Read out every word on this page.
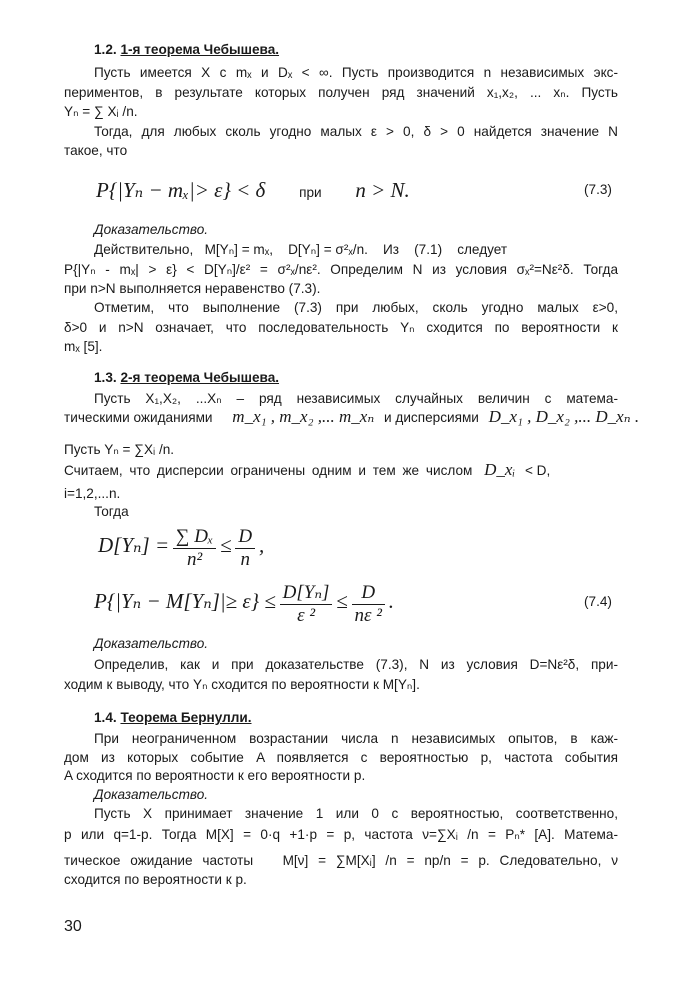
1.2. 1-я теорема Чебышева.
Пусть имеется X с mₓ и Dₓ < ∞. Пусть производится n независимых экс-
периментов, в результате которых получен ряд значений x₁,x₂, ... xₙ. Пусть
Yₙ = ∑ Xᵢ /n.
Тогда, для любых сколь угодно малых ε > 0, δ > 0 найдется значение N
такое, что
P{|Yₙ − mₓ|> ε} < δ при n > N.	(7.3)
Доказательство.
Действительно,   M[Yₙ] = mₓ,    D[Yₙ] = σ²ₓ/n.    Из    (7.1)    следует
P{|Yₙ - mₓ| > ε} < D[Yₙ]/ε² = σ²ₓ/nε². Определим N из условия σₓ²=Nε²δ. Тогда
при n>N выполняется неравенство (7.3).
Отметим, что выполнение (7.3) при любых, сколь угодно малых ε>0,
δ>0 и n>N означает, что последовательность Yₙ сходится по вероятности к
mₓ [5].
1.3. 2-я теорема Чебышева.
Пусть X₁,X₂, ...Xₙ – ряд независимых случайных величин с матема-
тическими ожиданиями m_x₁ , m_x₂ ,... m_xₙ и дисперсиями D_x₁ , D_x₂ ,... D_xₙ .
Пусть Yₙ = ∑Xᵢ /n.
Считаем, что дисперсии ограничены одним и тем же числом D_xᵢ < D,
i=1,2,...n.
Тогда
$D[Y_n] = \frac{\text{∑ Dₓ}}{\text{n²}} \le \frac{D}{n}$ ,
$P\{|Y_n - M[Y_n]|\ge \varepsilon\} \le \frac{\text{D[Yₙ]}}{\text{ε ²}} \le \frac{D}{\text{nε ²}}$ .	(7.4)
Доказательство.
Определив, как и при доказательстве (7.3), N из условия D=Nε²δ, при-
ходим к выводу, что Yₙ сходится по вероятности к M[Yₙ].
1.4. Теорема Бернулли.
При неограниченном возрастании числа n независимых опытов, в каж-
дом из которых событие A появляется с вероятностью p, частота события
A сходится по вероятности к его вероятности p.
Доказательство.
Пусть X принимает значение 1 или 0 с вероятностью, соответственно,
p или q=1-p. Тогда M[X] = 0·q +1·p = p, частота ν=∑Xᵢ /n = Pₙ* [A]. Матема-
тическое ожидание частоты   M[ν] = ∑M[Xᵢ] /n = np/n = p. Следовательно, ν
сходится по вероятности к p.
30
